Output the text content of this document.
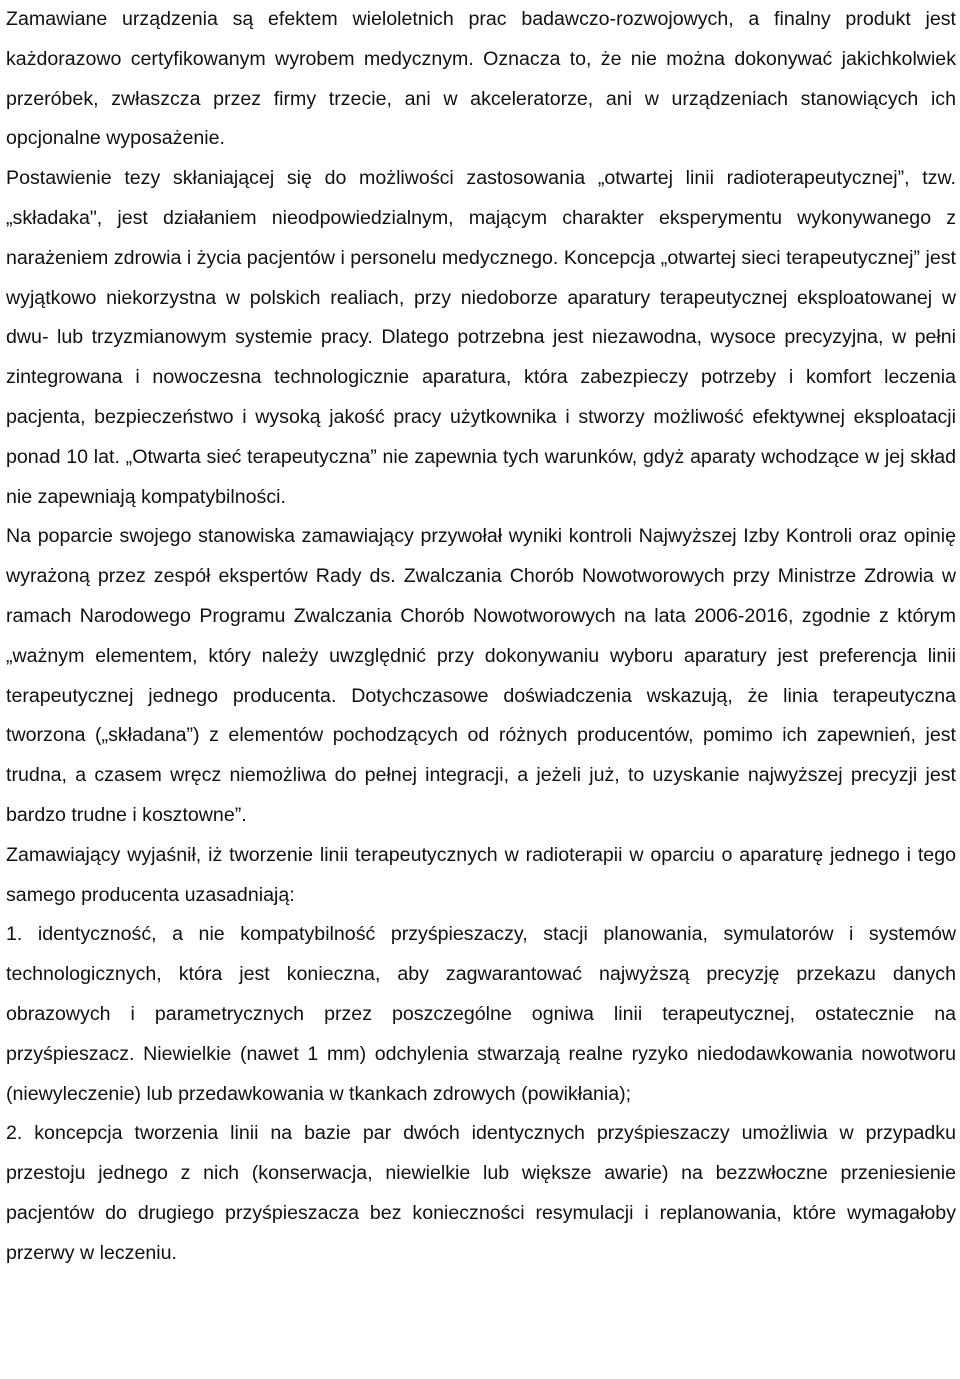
Zamawiane urządzenia są efektem wieloletnich prac badawczo-rozwojowych, a finalny produkt jest każdorazowo certyfikowanym wyrobem medycznym. Oznacza to, że nie można dokonywać jakichkolwiek przeróbek, zwłaszcza przez firmy trzecie, ani w akceleratorze, ani w urządzeniach stanowiących ich opcjonalne wyposażenie.

Postawienie tezy skłaniającej się do możliwości zastosowania „otwartej linii radioterapeutycznej”, tzw. „składaka", jest działaniem nieodpowiedzialnym, mającym charakter eksperymentu wykonywanego z narażeniem zdrowia i życia pacjentów i personelu medycznego. Koncepcja „otwartej sieci terapeutycznej” jest wyjątkowo niekorzystna w polskich realiach, przy niedoborze aparatury terapeutycznej eksploatowanej w dwu- lub trzyzmianowym systemie pracy. Dlatego potrzebna jest niezawodna, wysoce precyzyjna, w pełni zintegrowana i nowoczesna technologicznie aparatura, która zabezpieczy potrzeby i komfort leczenia pacjenta, bezpieczeństwo i wysoką jakość pracy użytkownika i stworzy możliwość efektywnej eksploatacji ponad 10 lat. „Otwarta sieć terapeutyczna” nie zapewnia tych warunków, gdyż aparaty wchodzące w jej skład nie zapewniają kompatybilności.

Na poparcie swojego stanowiska zamawiający przywołał wyniki kontroli Najwyższej Izby Kontroli oraz opinię wyrażoną przez zespół ekspertów Rady ds. Zwalczania Chorób Nowotworowych przy Ministrze Zdrowia w ramach Narodowego Programu Zwalczania Chorób Nowotworowych na lata 2006-2016, zgodnie z którym „ważnym elementem, który należy uwzględnić przy dokonywaniu wyboru aparatury jest preferencja linii terapeutycznej jednego producenta. Dotychczasowe doświadczenia wskazują, że linia terapeutyczna tworzona („składana”) z elementów pochodzących od różnych producentów, pomimo ich zapewnień, jest trudna, a czasem wręcz niemożliwa do pełnej integracji, a jeżeli już, to uzyskanie najwyższej precyzji jest bardzo trudne i kosztowne”.

Zamawiający wyjaśnił, iż tworzenie linii terapeutycznych w radioterapii w oparciu o aparaturę jednego i tego samego producenta uzasadniają:

1. identyczność, a nie kompatybilność przyśpieszaczy, stacji planowania, symulatorów i systemów technologicznych, która jest konieczna, aby zagwarantować najwyższą precyzję przekazu danych obrazowych i parametrycznych przez poszczególne ogniwa linii terapeutycznej, ostatecznie na przyśpieszacz. Niewielkie (nawet 1 mm) odchylenia stwarzają realne ryzyko niedodawkowania nowotworu (niewyleczenie) lub przedawkowania w tkankach zdrowych (powikłania);

2. koncepcja tworzenia linii na bazie par dwóch identycznych przyśpieszaczy umożliwia w przypadku przestoju jednego z nich (konserwacja, niewielkie lub większe awarie) na bezzwłoczne przeniesienie pacjentów do drugiego przyśpieszacza bez konieczności resymulacji i replanowania, które wymagałoby przerwy w leczeniu.
